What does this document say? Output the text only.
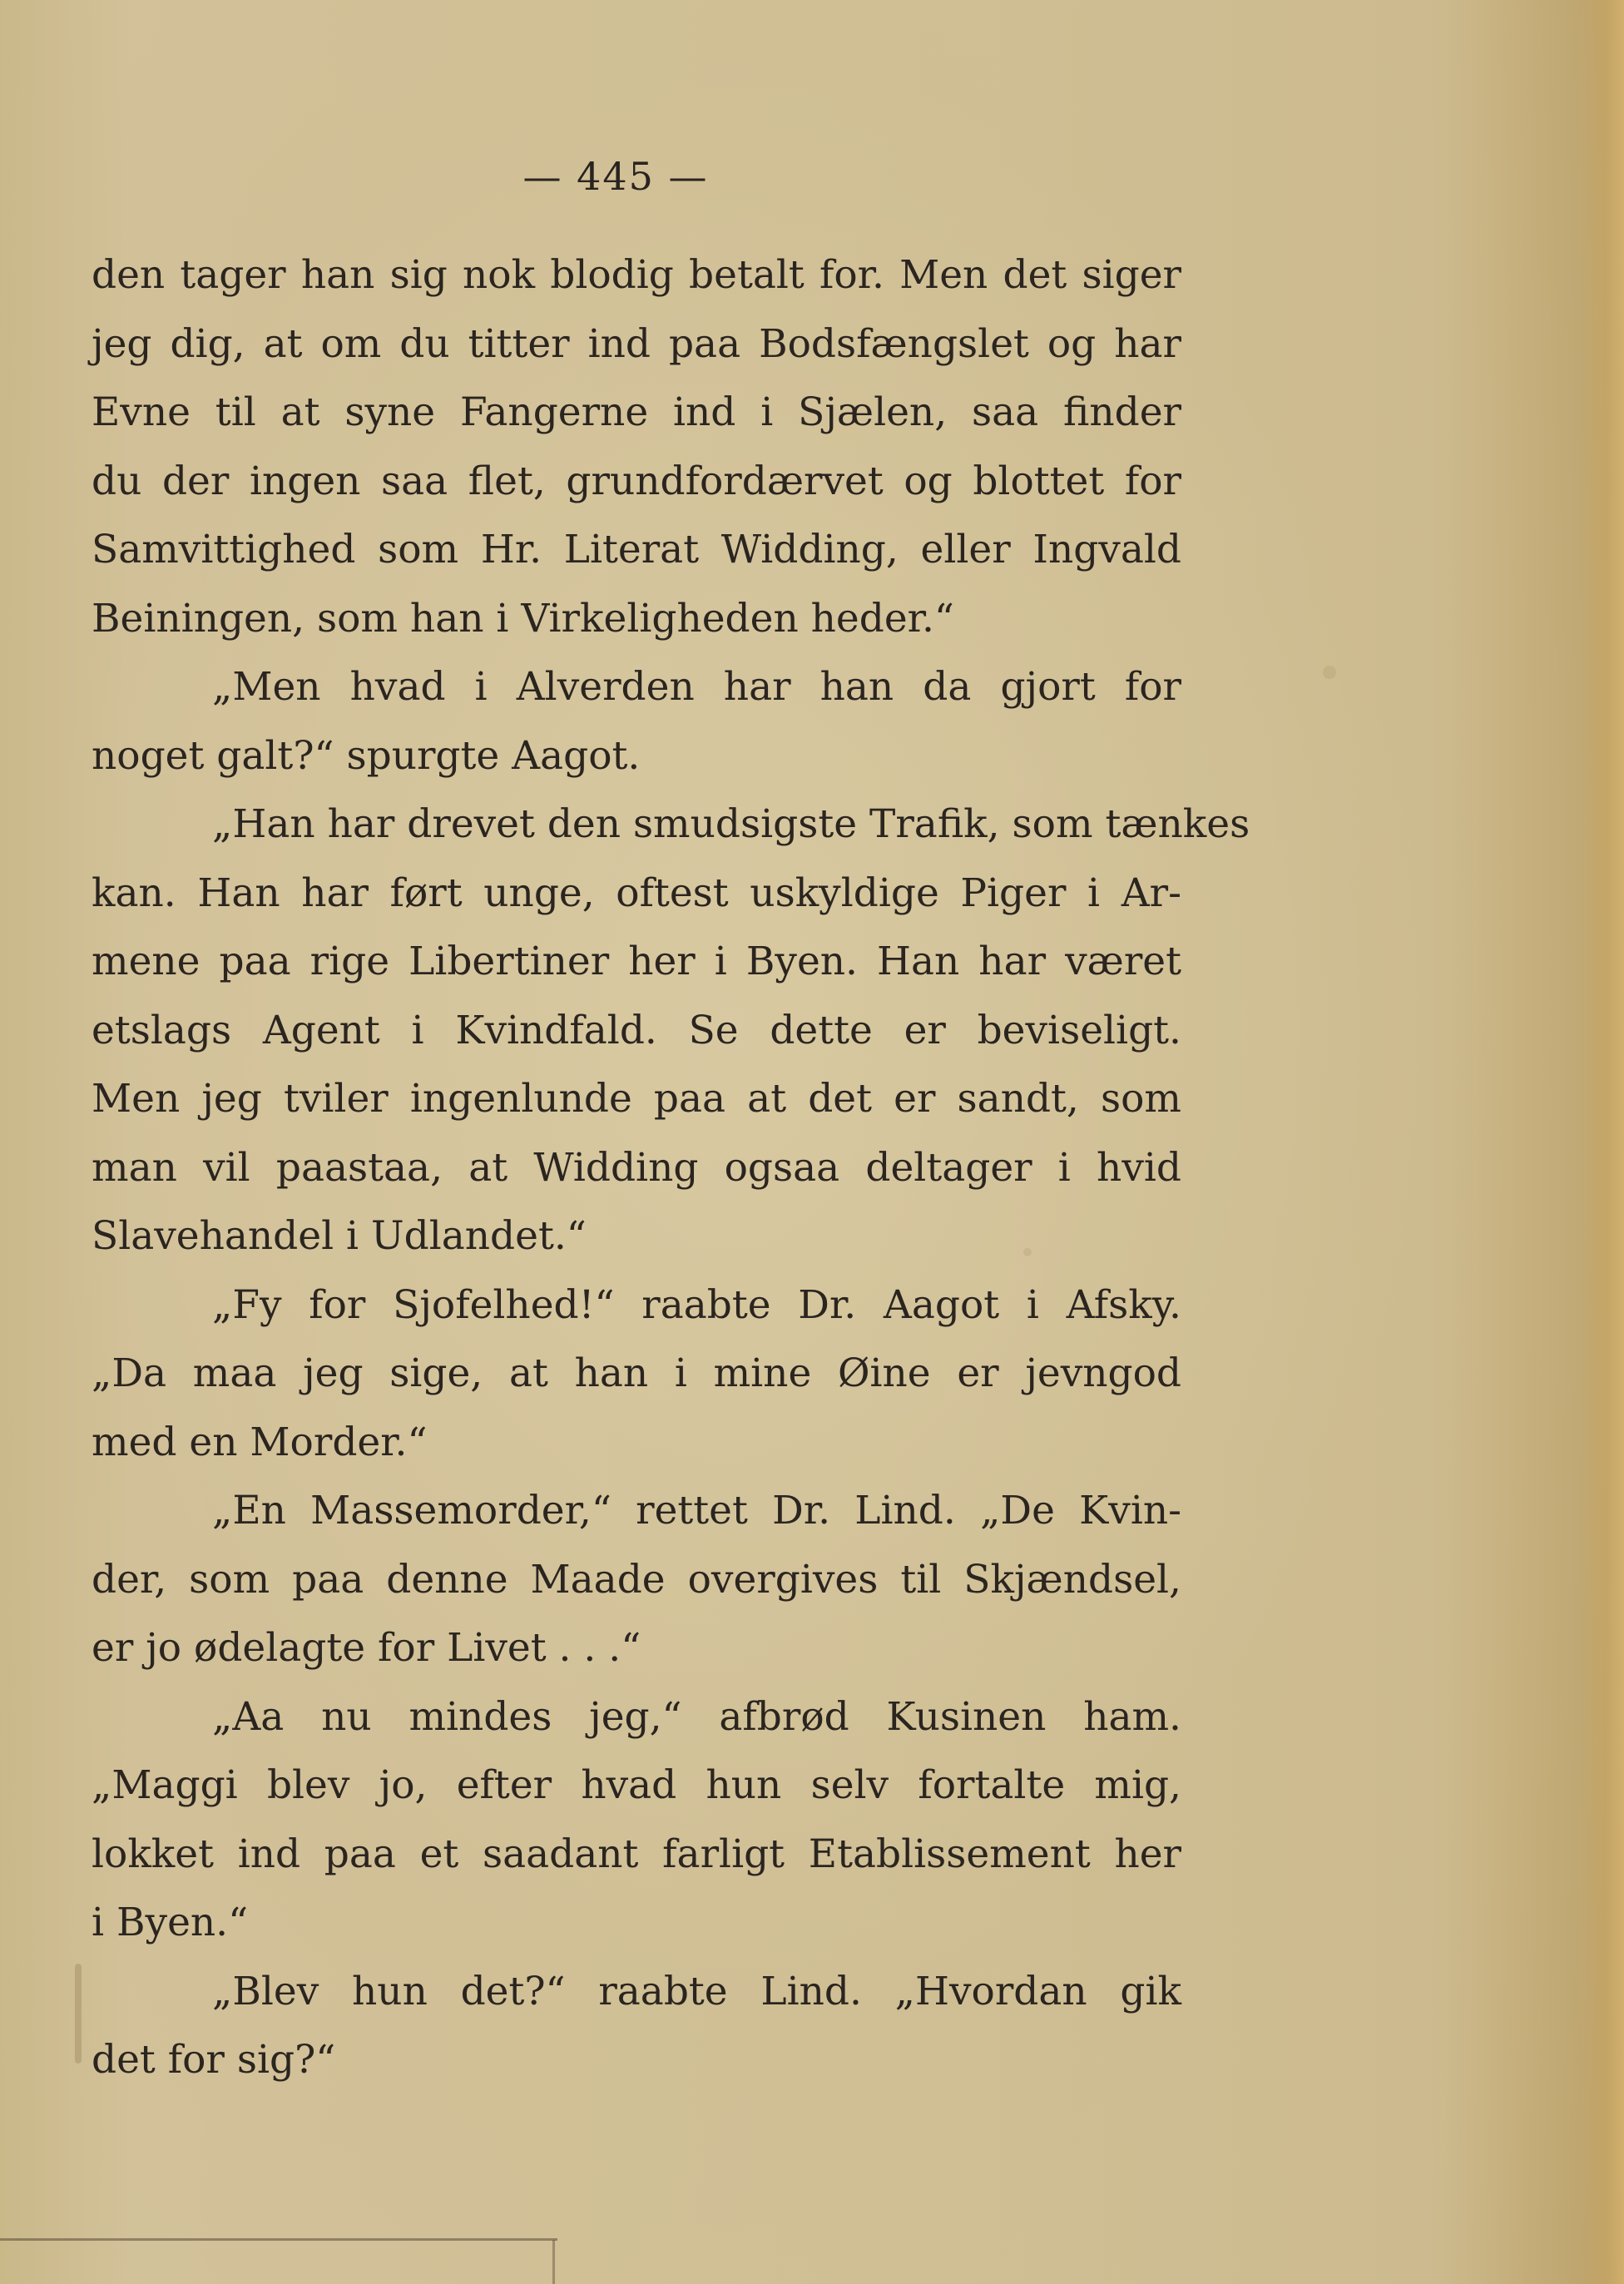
— 445 —
den tager han sig nok blodig betalt for. Men det siger
jeg dig, at om du titter ind paa Bodsfængslet og har
Evne til at syne Fangerne ind i Sjælen, saa finder
du der ingen saa flet, grundfordærvet og blottet for
Samvittighed som Hr. Literat Widding, eller Ingvald
Beiningen, som han i Virkeligheden heder.“
„Men hvad i Alverden har han da gjort for
noget galt?“ spurgte Aagot.
„Han har drevet den smudsigste Trafik, som tænkes
kan. Han har ført unge, oftest uskyldige Piger i Ar-
mene paa rige Libertiner her i Byen. Han har været
etslags Agent i Kvindfald. Se dette er beviseligt.
Men jeg tviler ingenlunde paa at det er sandt, som
man vil paastaa, at Widding ogsaa deltager i hvid
Slavehandel i Udlandet.“
„Fy for Sjofelhed!“ raabte Dr. Aagot i Afsky.
„Da maa jeg sige, at han i mine Øine er jevngod
med en Morder.“
„En Massemorder,“ rettet Dr. Lind. „De Kvin-
der, som paa denne Maade overgives til Skjændsel,
er jo ødelagte for Livet . . .“
„Aa nu mindes jeg,“ afbrød Kusinen ham.
„Maggi blev jo, efter hvad hun selv fortalte mig,
lokket ind paa et saadant farligt Etablissement her
i Byen.“
„Blev hun det?“ raabte Lind. „Hvordan gik
det for sig?“
